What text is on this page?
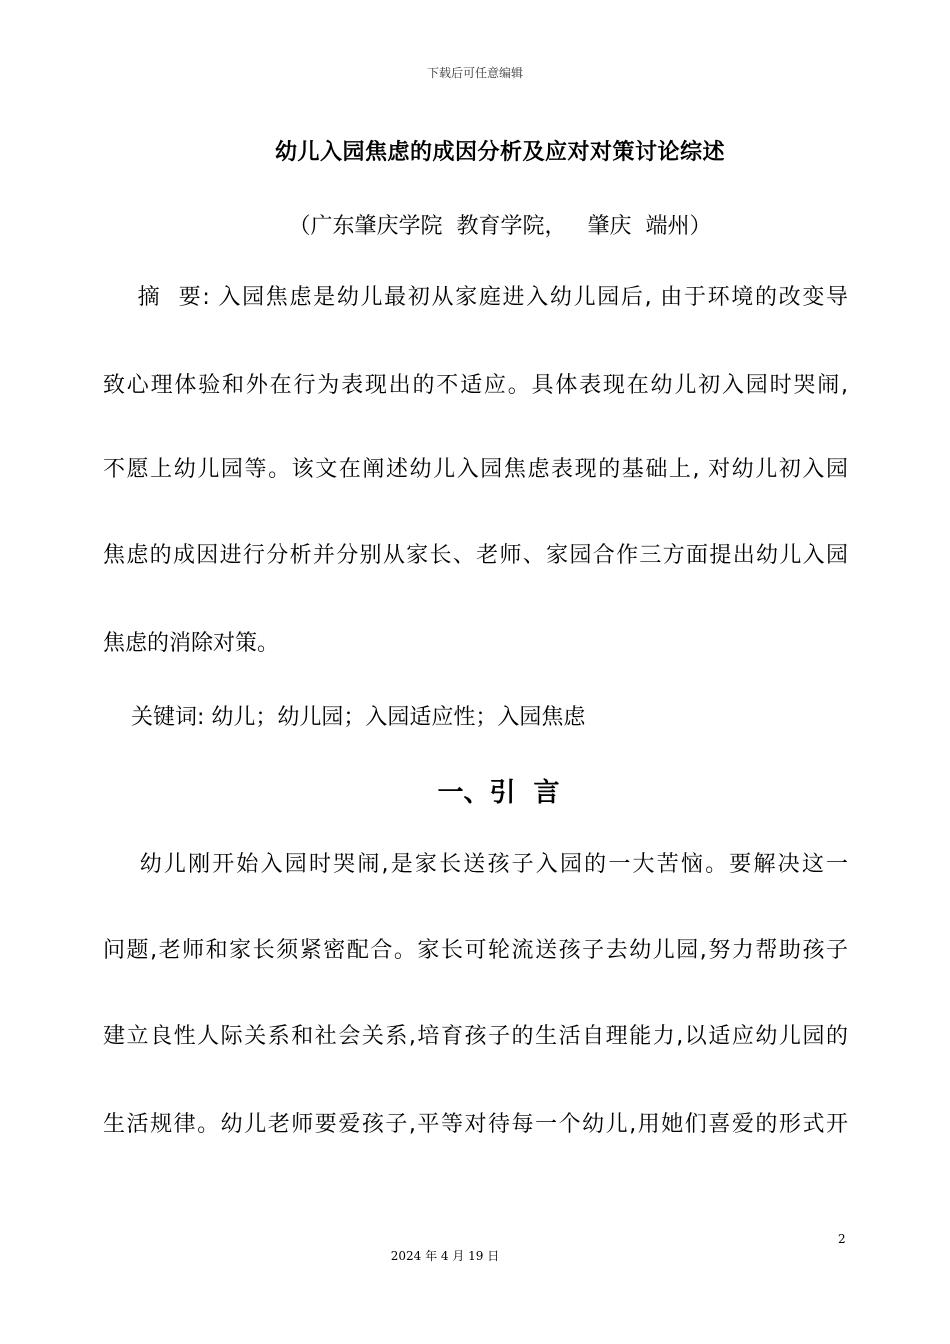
下载后可任意编辑
幼儿入园焦虑的成因分析及应对对策讨论综述
（广东肇庆学院  教育学院，   肇庆  端州）
摘  要: 入园焦虑是幼儿最初从家庭进入幼儿园后, 由于环境的改变导
致心理体验和外在行为表现出的不适应。具体表现在幼儿初入园时哭闹,
不愿上幼儿园等。该文在阐述幼儿入园焦虑表现的基础上, 对幼儿初入园
焦虑的成因进行分析并分别从家长、老师、家园合作三方面提出幼儿入园
焦虑的消除对策。
关键词: 幼儿；幼儿园；入园适应性；入园焦虑
一、引  言
幼儿刚开始入园时哭闹,是家长送孩子入园的一大苦恼。要解决这一
问题,老师和家长须紧密配合。家长可轮流送孩子去幼儿园,努力帮助孩子
建立良性人际关系和社会关系,培育孩子的生活自理能力,以适应幼儿园的
生活规律。幼儿老师要爱孩子,平等对待每一个幼儿,用她们喜爱的形式开
2
2024 年 4 月 19 日
